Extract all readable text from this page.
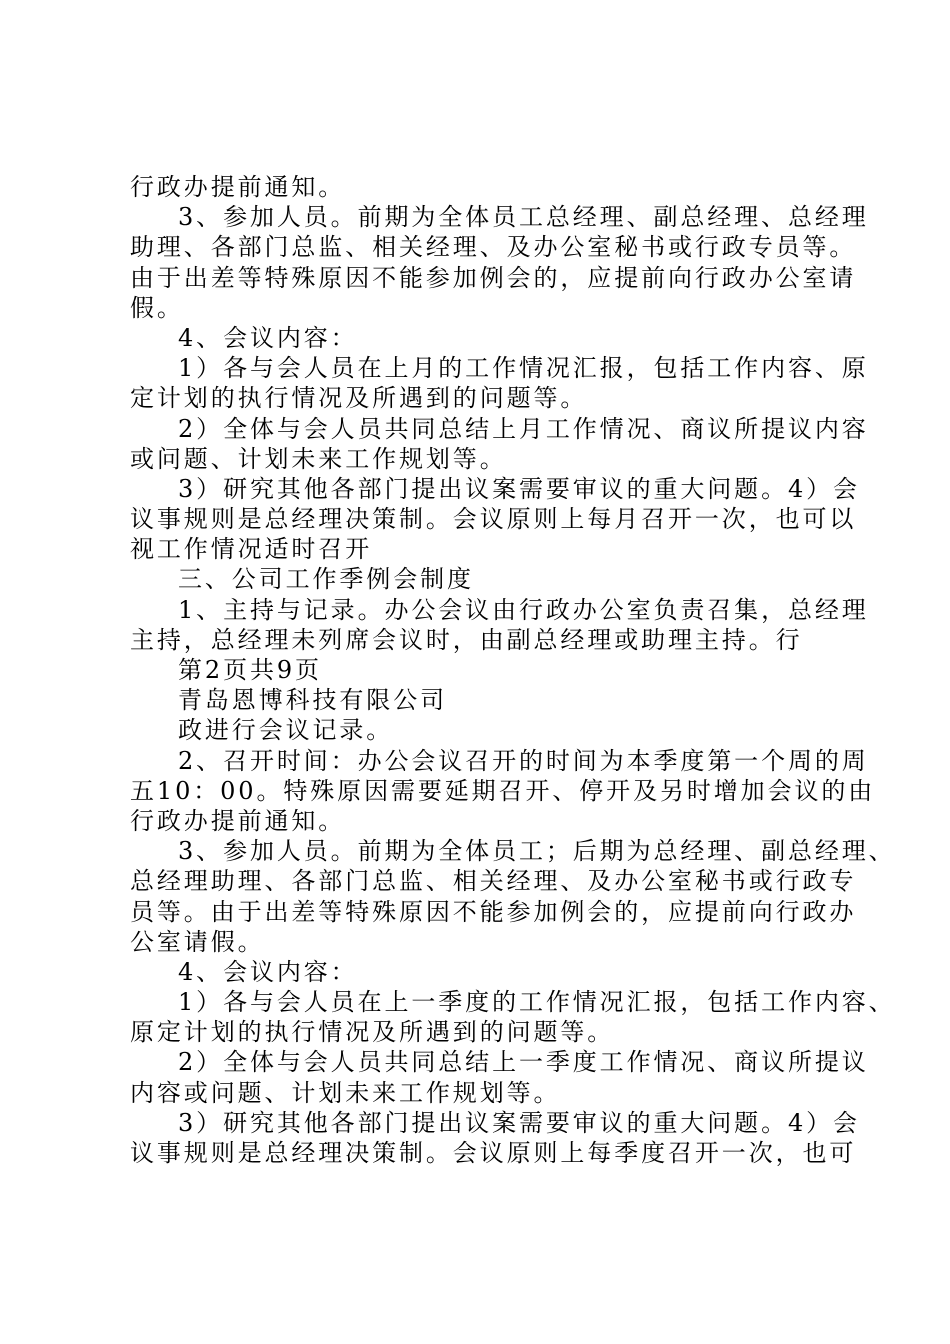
行政办提前通知。
3、参加人员。前期为全体员工总经理、副总经理、总经理
助理、各部门总监、相关经理、及办公室秘书或行政专员等。
由于出差等特殊原因不能参加例会的，应提前向行政办公室请
假。
4、会议内容：
1）各与会人员在上月的工作情况汇报，包括工作内容、原
定计划的执行情况及所遇到的问题等。
2）全体与会人员共同总结上月工作情况、商议所提议内容
或问题、计划未来工作规划等。
3）研究其他各部门提出议案需要审议的重大问题。4）会
议事规则是总经理决策制。会议原则上每月召开一次，也可以
视工作情况适时召开
三、公司工作季例会制度
1、主持与记录。办公会议由行政办公室负责召集，总经理
主持，总经理未列席会议时，由副总经理或助理主持。行
第2页共9页
青岛恩博科技有限公司
政进行会议记录。
2、召开时间：办公会议召开的时间为本季度第一个周的周
五10：00。特殊原因需要延期召开、停开及另时增加会议的由
行政办提前通知。
3、参加人员。前期为全体员工；后期为总经理、副总经理、
总经理助理、各部门总监、相关经理、及办公室秘书或行政专
员等。由于出差等特殊原因不能参加例会的，应提前向行政办
公室请假。
4、会议内容：
1）各与会人员在上一季度的工作情况汇报，包括工作内容、
原定计划的执行情况及所遇到的问题等。
2）全体与会人员共同总结上一季度工作情况、商议所提议
内容或问题、计划未来工作规划等。
3）研究其他各部门提出议案需要审议的重大问题。4）会
议事规则是总经理决策制。会议原则上每季度召开一次，也可
